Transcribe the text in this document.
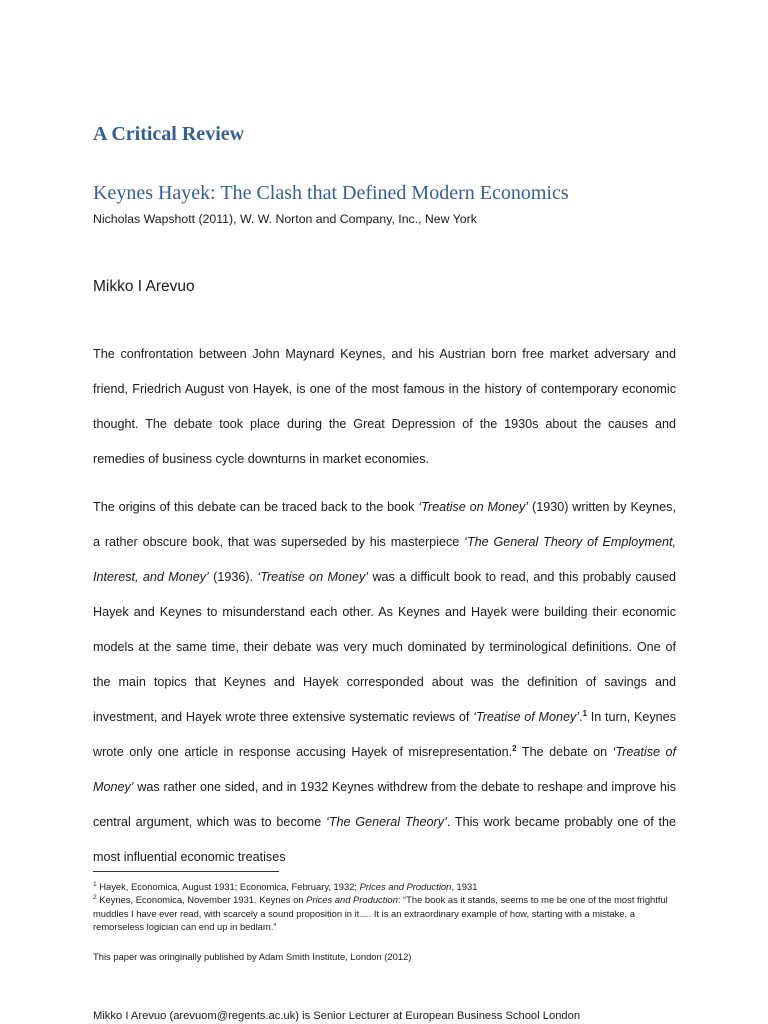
A Critical Review
Keynes Hayek: The Clash that Defined Modern Economics
Nicholas Wapshott (2011), W. W. Norton and Company, Inc., New York
Mikko I Arevuo

The confrontation between John Maynard Keynes, and his Austrian born free market adversary and friend, Friedrich August von Hayek, is one of the most famous in the history of contemporary economic thought. The debate took place during the Great Depression of the 1930s about the causes and remedies of business cycle downturns in market economies.

The origins of this debate can be traced back to the book ‘Treatise on Money’ (1930) written by Keynes, a rather obscure book, that was superseded by his masterpiece ‘The General Theory of Employment, Interest, and Money’ (1936). ‘Treatise on Money’ was a difficult book to read, and this probably caused Hayek and Keynes to misunderstand each other. As Keynes and Hayek were building their economic models at the same time, their debate was very much dominated by terminological definitions. One of the main topics that Keynes and Hayek corresponded about was the definition of savings and investment, and Hayek wrote three extensive systematic reviews of ‘Treatise of Money’.$^1$ In turn, Keynes wrote only one article in response accusing Hayek of misrepresentation.$^2$ The debate on ‘Treatise of Money’ was rather one sided, and in 1932 Keynes withdrew from the debate to reshape and improve his central argument, which was to become ‘The General Theory’. This work became probably one of the most influential economic treatises

$^1$ Hayek, Economica, August 1931; Economica, February, 1932; Prices and Production, 1931

$^2$ Keynes, Economica, November 1931. Keynes on Prices and Production: “The book as it stands, seems to me be one of the most frightful muddles I have ever read, with scarcely a sound proposition in it…. It is an extraordinary example of how, starting with a mistake, a remorseless logician can end up in bedlam.”

This paper was oringinally published by Adam Smith Institute, London (2012)
Mikko I Arevuo (arevuom@regents.ac.uk) is Senior Lecturer at European Business School London
